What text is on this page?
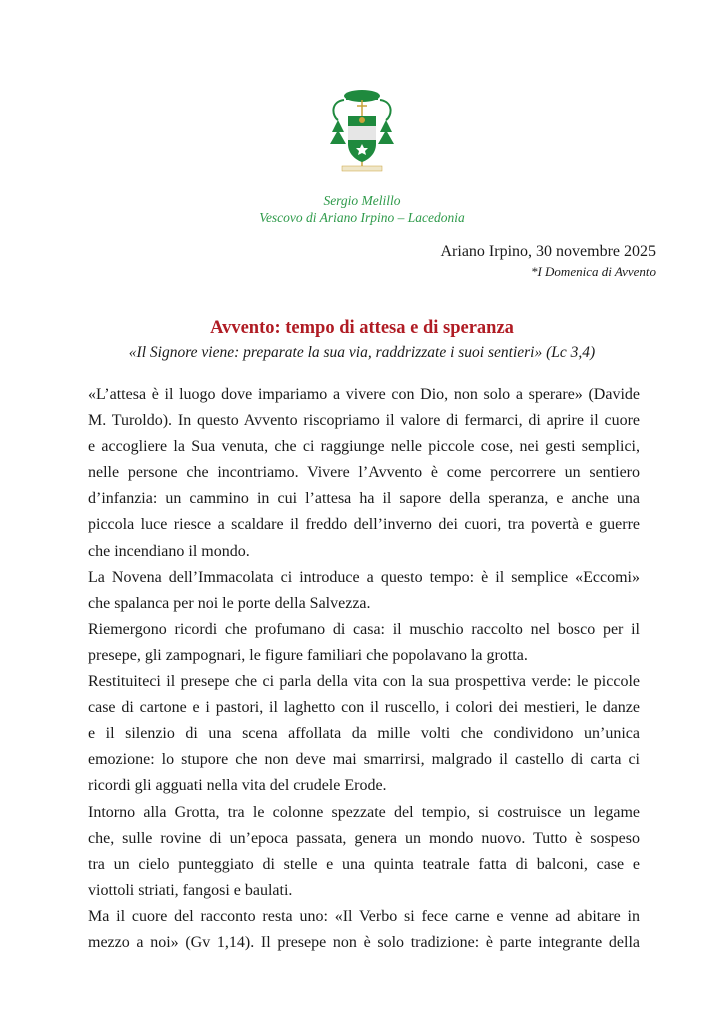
Sergio Melillo
Vescovo di Ariano Irpino – Lacedonia
Ariano Irpino, 30 novembre 2025
*I Domenica di Avvento
Avvento: tempo di attesa e di speranza
«Il Signore viene: preparate la sua via, raddrizzate i suoi sentieri» (Lc 3,4)
«L’attesa è il luogo dove impariamo a vivere con Dio, non solo a sperare» (Davide
M. Turoldo). In questo Avvento riscopriamo il valore di fermarci, di aprire il cuore
e accogliere la Sua venuta, che ci raggiunge nelle piccole cose, nei gesti semplici,
nelle persone che incontriamo. Vivere l’Avvento è come percorrere un sentiero
d’infanzia: un cammino in cui l’attesa ha il sapore della speranza, e anche una
piccola luce riesce a scaldare il freddo dell’inverno dei cuori, tra povertà e guerre
che incendiano il mondo.
La Novena dell’Immacolata ci introduce a questo tempo: è il semplice «Eccomi»
che spalanca per noi le porte della Salvezza.
Riemergono ricordi che profumano di casa: il muschio raccolto nel bosco per il
presepe, gli zampognari, le figure familiari che popolavano la grotta.
Restituiteci il presepe che ci parla della vita con la sua prospettiva verde: le piccole
case di cartone e i pastori, il laghetto con il ruscello, i colori dei mestieri, le danze
e il silenzio di una scena affollata da mille volti che condividono un’unica
emozione: lo stupore che non deve mai smarrirsi, malgrado il castello di carta ci
ricordi gli agguati nella vita del crudele Erode.
Intorno alla Grotta, tra le colonne spezzate del tempio, si costruisce un legame
che, sulle rovine di un’epoca passata, genera un mondo nuovo. Tutto è sospeso
tra un cielo punteggiato di stelle e una quinta teatrale fatta di balconi, case e
viottoli striati, fangosi e baulati.
Ma il cuore del racconto resta uno: «Il Verbo si fece carne e venne ad abitare in
mezzo a noi» (Gv 1,14). Il presepe non è solo tradizione: è parte integrante della
